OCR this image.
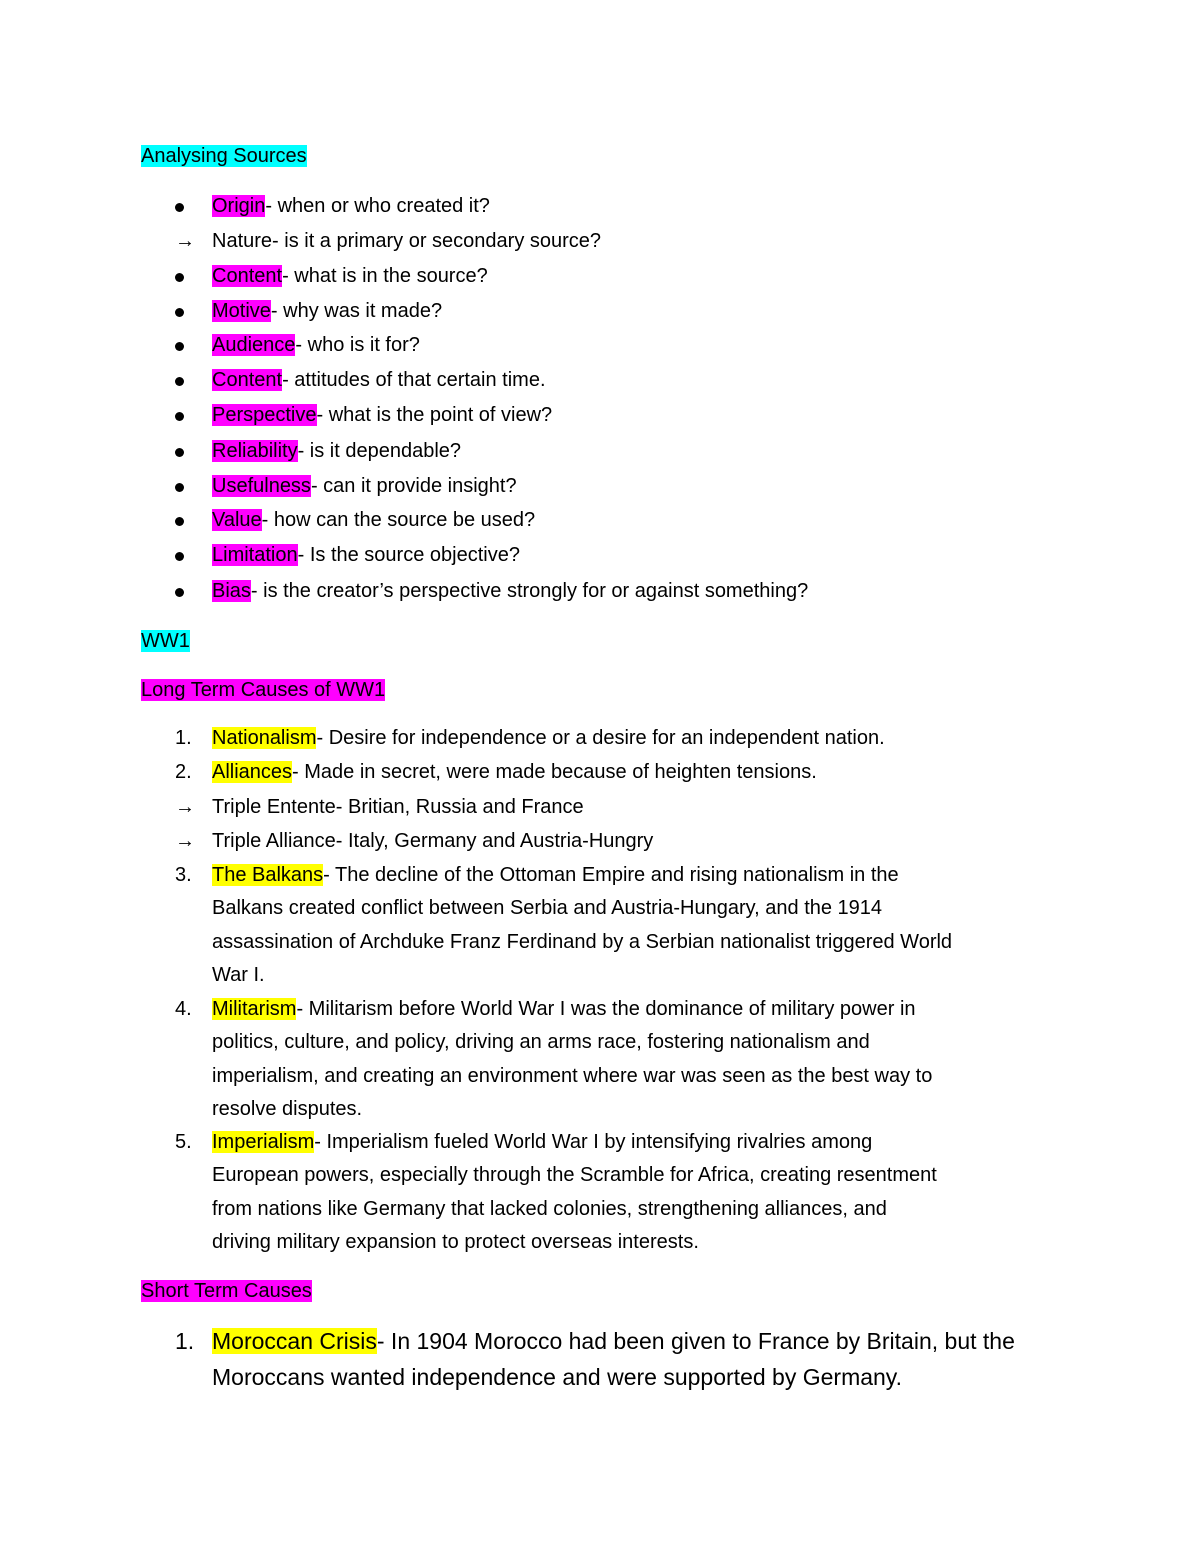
Analysing Sources
Origin- when or who created it?
→ Nature- is it a primary or secondary source?
Content- what is in the source?
Motive- why was it made?
Audience- who is it for?
Content- attitudes of that certain time.
Perspective- what is the point of view?
Reliability- is it dependable?
Usefulness- can it provide insight?
Value- how can the source be used?
Limitation- Is the source objective?
Bias- is the creator’s perspective strongly for or against something?
WW1
Long Term Causes of WW1
1. Nationalism- Desire for independence or a desire for an independent nation.
2. Alliances- Made in secret, were made because of heighten tensions.
→ Triple Entente- Britian, Russia and France
→ Triple Alliance- Italy, Germany and Austria-Hungry
3. The Balkans- The decline of the Ottoman Empire and rising nationalism in the
Balkans created conflict between Serbia and Austria-Hungary, and the 1914
assassination of Archduke Franz Ferdinand by a Serbian nationalist triggered World
War I.
4. Militarism- Militarism before World War I was the dominance of military power in
politics, culture, and policy, driving an arms race, fostering nationalism and
imperialism, and creating an environment where war was seen as the best way to
resolve disputes.
5. Imperialism- Imperialism fueled World War I by intensifying rivalries among
European powers, especially through the Scramble for Africa, creating resentment
from nations like Germany that lacked colonies, strengthening alliances, and
driving military expansion to protect overseas interests.
Short Term Causes
1. Moroccan Crisis- In 1904 Morocco had been given to France by Britain, but the
Moroccans wanted independence and were supported by Germany.
